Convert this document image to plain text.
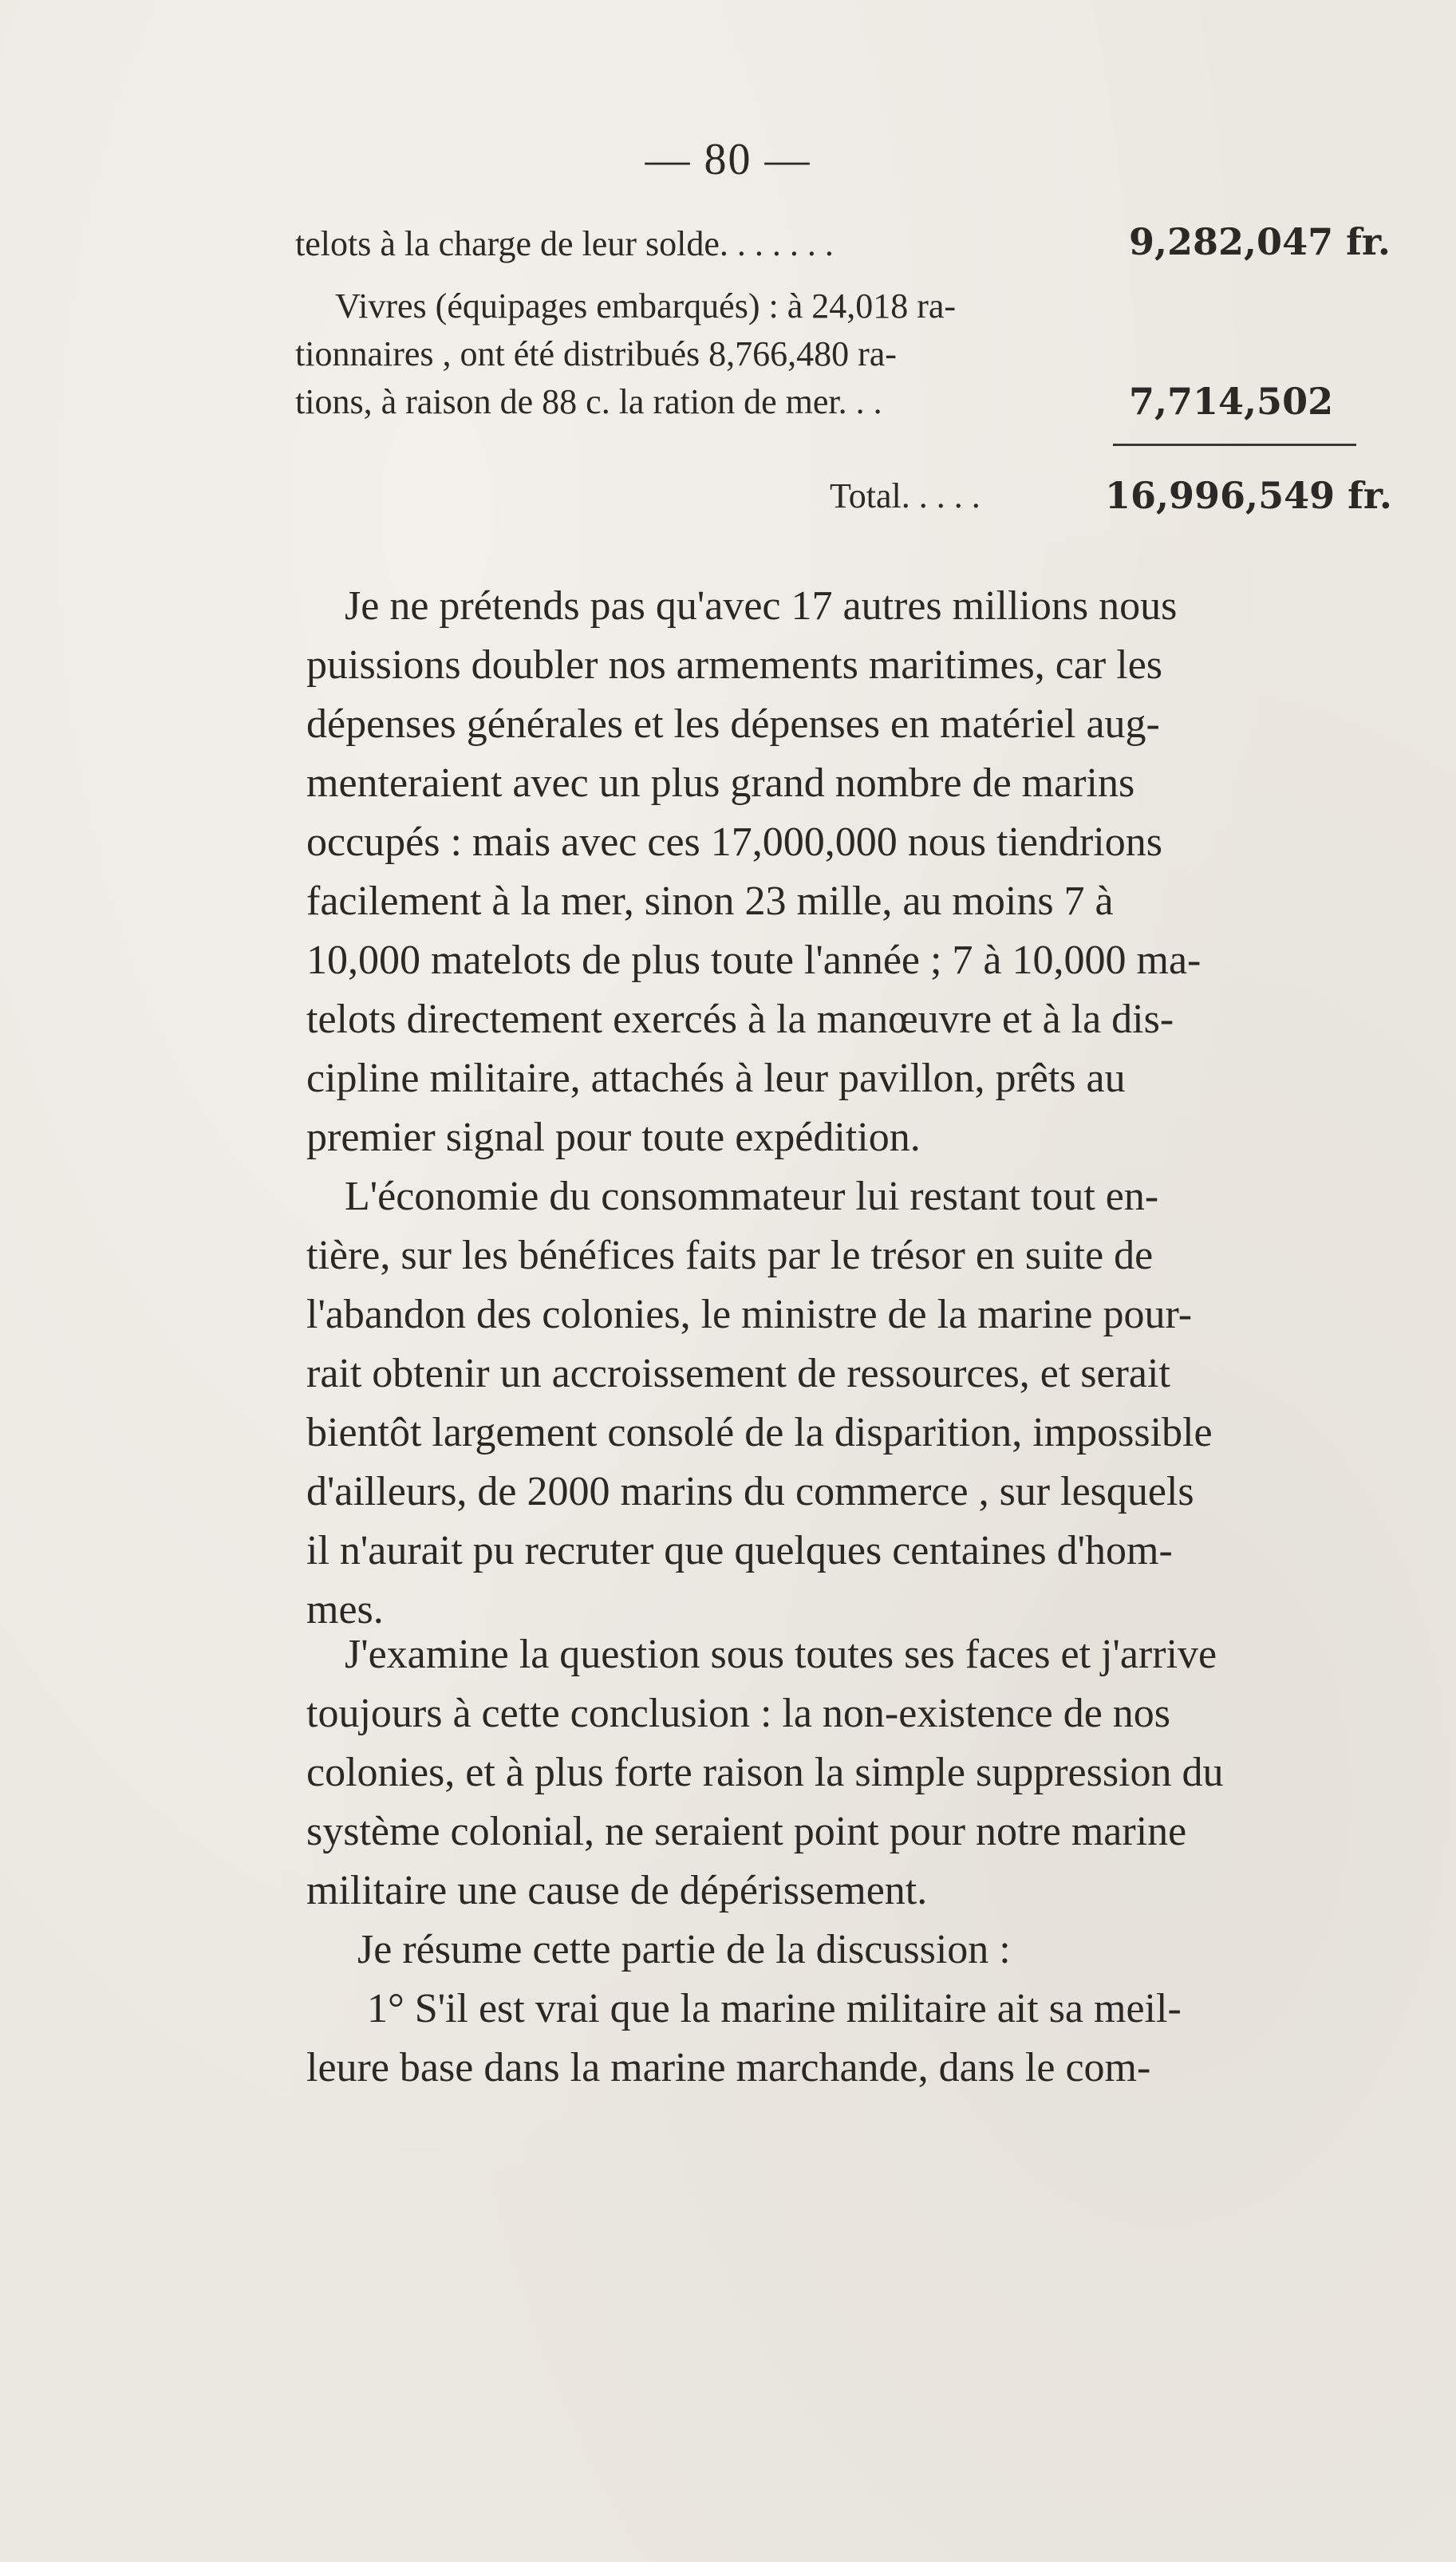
— 80 —
telots à la charge de leur solde. . . . . . .	9,282,047 fr.
Vivres (équipages embarqués) : à 24,018 ra-
tionnaires , ont été distribués 8,766,480 ra-
tions, à raison de 88 c. la ration de mer. . .	7,714,502
Total. . . . .	16,996,549 fr.
Je ne prétends pas qu'avec 17 autres millions nous
puissions doubler nos armements maritimes, car les
dépenses générales et les dépenses en matériel aug-
menteraient avec un plus grand nombre de marins
occupés : mais avec ces 17,000,000 nous tiendrions
facilement à la mer, sinon 23 mille, au moins 7 à
10,000 matelots de plus toute l'année ; 7 à 10,000 ma-
telots directement exercés à la manœuvre et à la dis-
cipline militaire, attachés à leur pavillon, prêts au
premier signal pour toute expédition.
L'économie du consommateur lui restant tout en-
tière, sur les bénéfices faits par le trésor en suite de
l'abandon des colonies, le ministre de la marine pour-
rait obtenir un accroissement de ressources, et serait
bientôt largement consolé de la disparition, impossible
d'ailleurs, de 2000 marins du commerce , sur lesquels
il n'aurait pu recruter que quelques centaines d'hom-
mes.
J'examine la question sous toutes ses faces et j'arrive
toujours à cette conclusion : la non-existence de nos
colonies, et à plus forte raison la simple suppression du
système colonial, ne seraient point pour notre marine
militaire une cause de dépérissement.
Je résume cette partie de la discussion :
1° S'il est vrai que la marine militaire ait sa meil-
leure base dans la marine marchande, dans le com-
